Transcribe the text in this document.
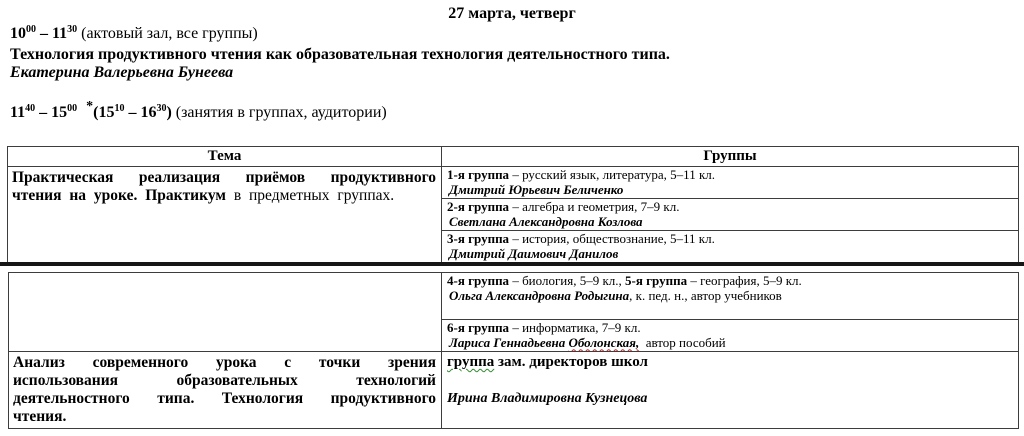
27 марта, четверг
$10^{00} - 11^{30}$ (актовый зал, все группы)
Технология продуктивного чтения как образовательная технология деятельностного типа.
Екатерина Валерьевна Бунеева
$11^{40} - 15^{00}$ $^*(15^{10} - 16^{30})$ (занятия в группах, аудитории)
Тема	Группы
Практическая реализация приёмов продуктивного чтения на уроке. Практикум в предметных группах.	1-я группа – русский язык, литература, 5–11 кл.
Дмитрий Юрьевич Беличенко

	2-я группа – алгебра и геометрия, 7–9 кл.
Светлана Александровна Козлова

	3-я группа – история, обществознание, 5–11 кл.
Дмитрий Даимович Данилов

	4-я группа – биология, 5–9 кл., 5-я группа – география, 5–9 кл.
Ольга Александровна Родыгина, к. пед. н., автор учебников

	6-я группа – информатика, 7–9 кл.
Лариса Геннадьевна Оболонская,  автор пособий

Анализ современного урока с точки зрения использования образовательных технологий деятельностного типа. Технология продуктивного чтения.	группа зам. директоров школ
Ирина Владимировна Кузнецова
